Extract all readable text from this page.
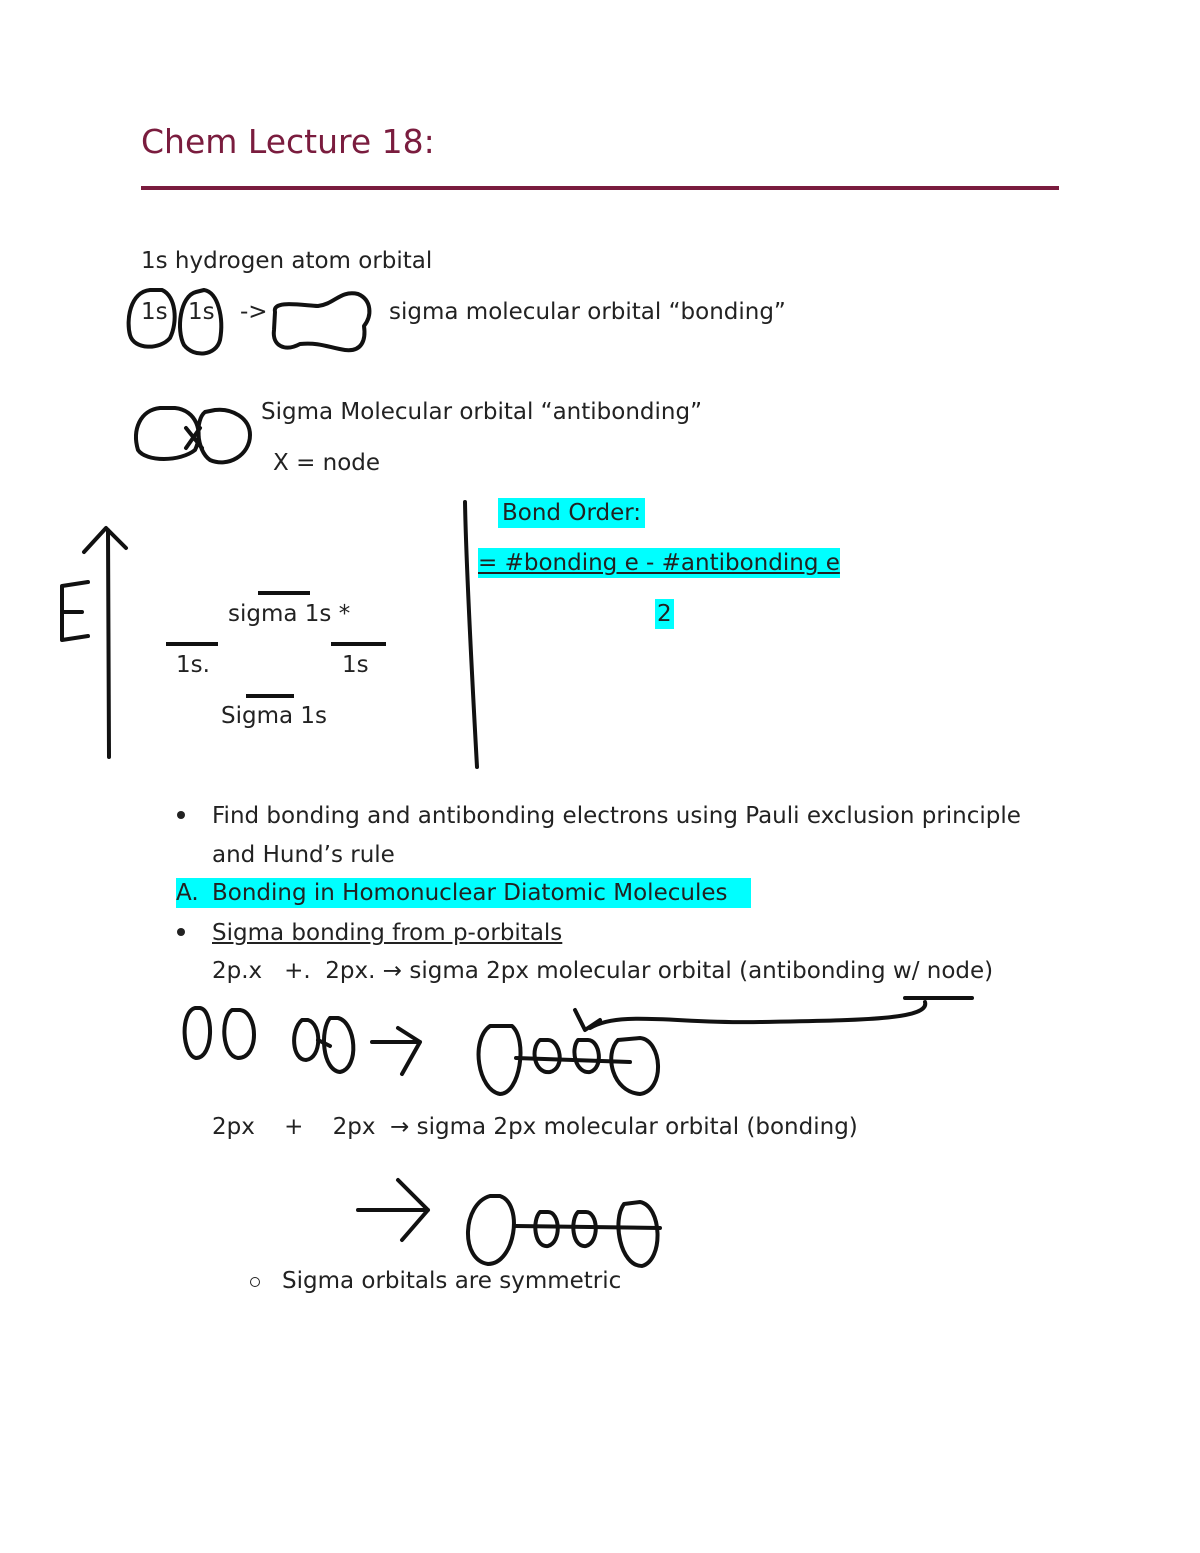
Chem Lecture 18:
1s hydrogen atom orbital
1s 1s ->	sigma molecular orbital “bonding”
Sigma Molecular orbital “antibonding”
X = node
sigma 1s *
1s.	1s
Sigma 1s
Bond Order:
= #bonding e - #antibonding e
2
Find bonding and antibonding electrons using Pauli exclusion principle
and Hund’s rule
A. Bonding in Homonuclear Diatomic Molecules
Sigma bonding from p-orbitals
2p.x   +.  2px. → sigma 2px molecular orbital (antibonding w/ node)
2px    +    2px  → sigma 2px molecular orbital (bonding)
Sigma orbitals are symmetric
